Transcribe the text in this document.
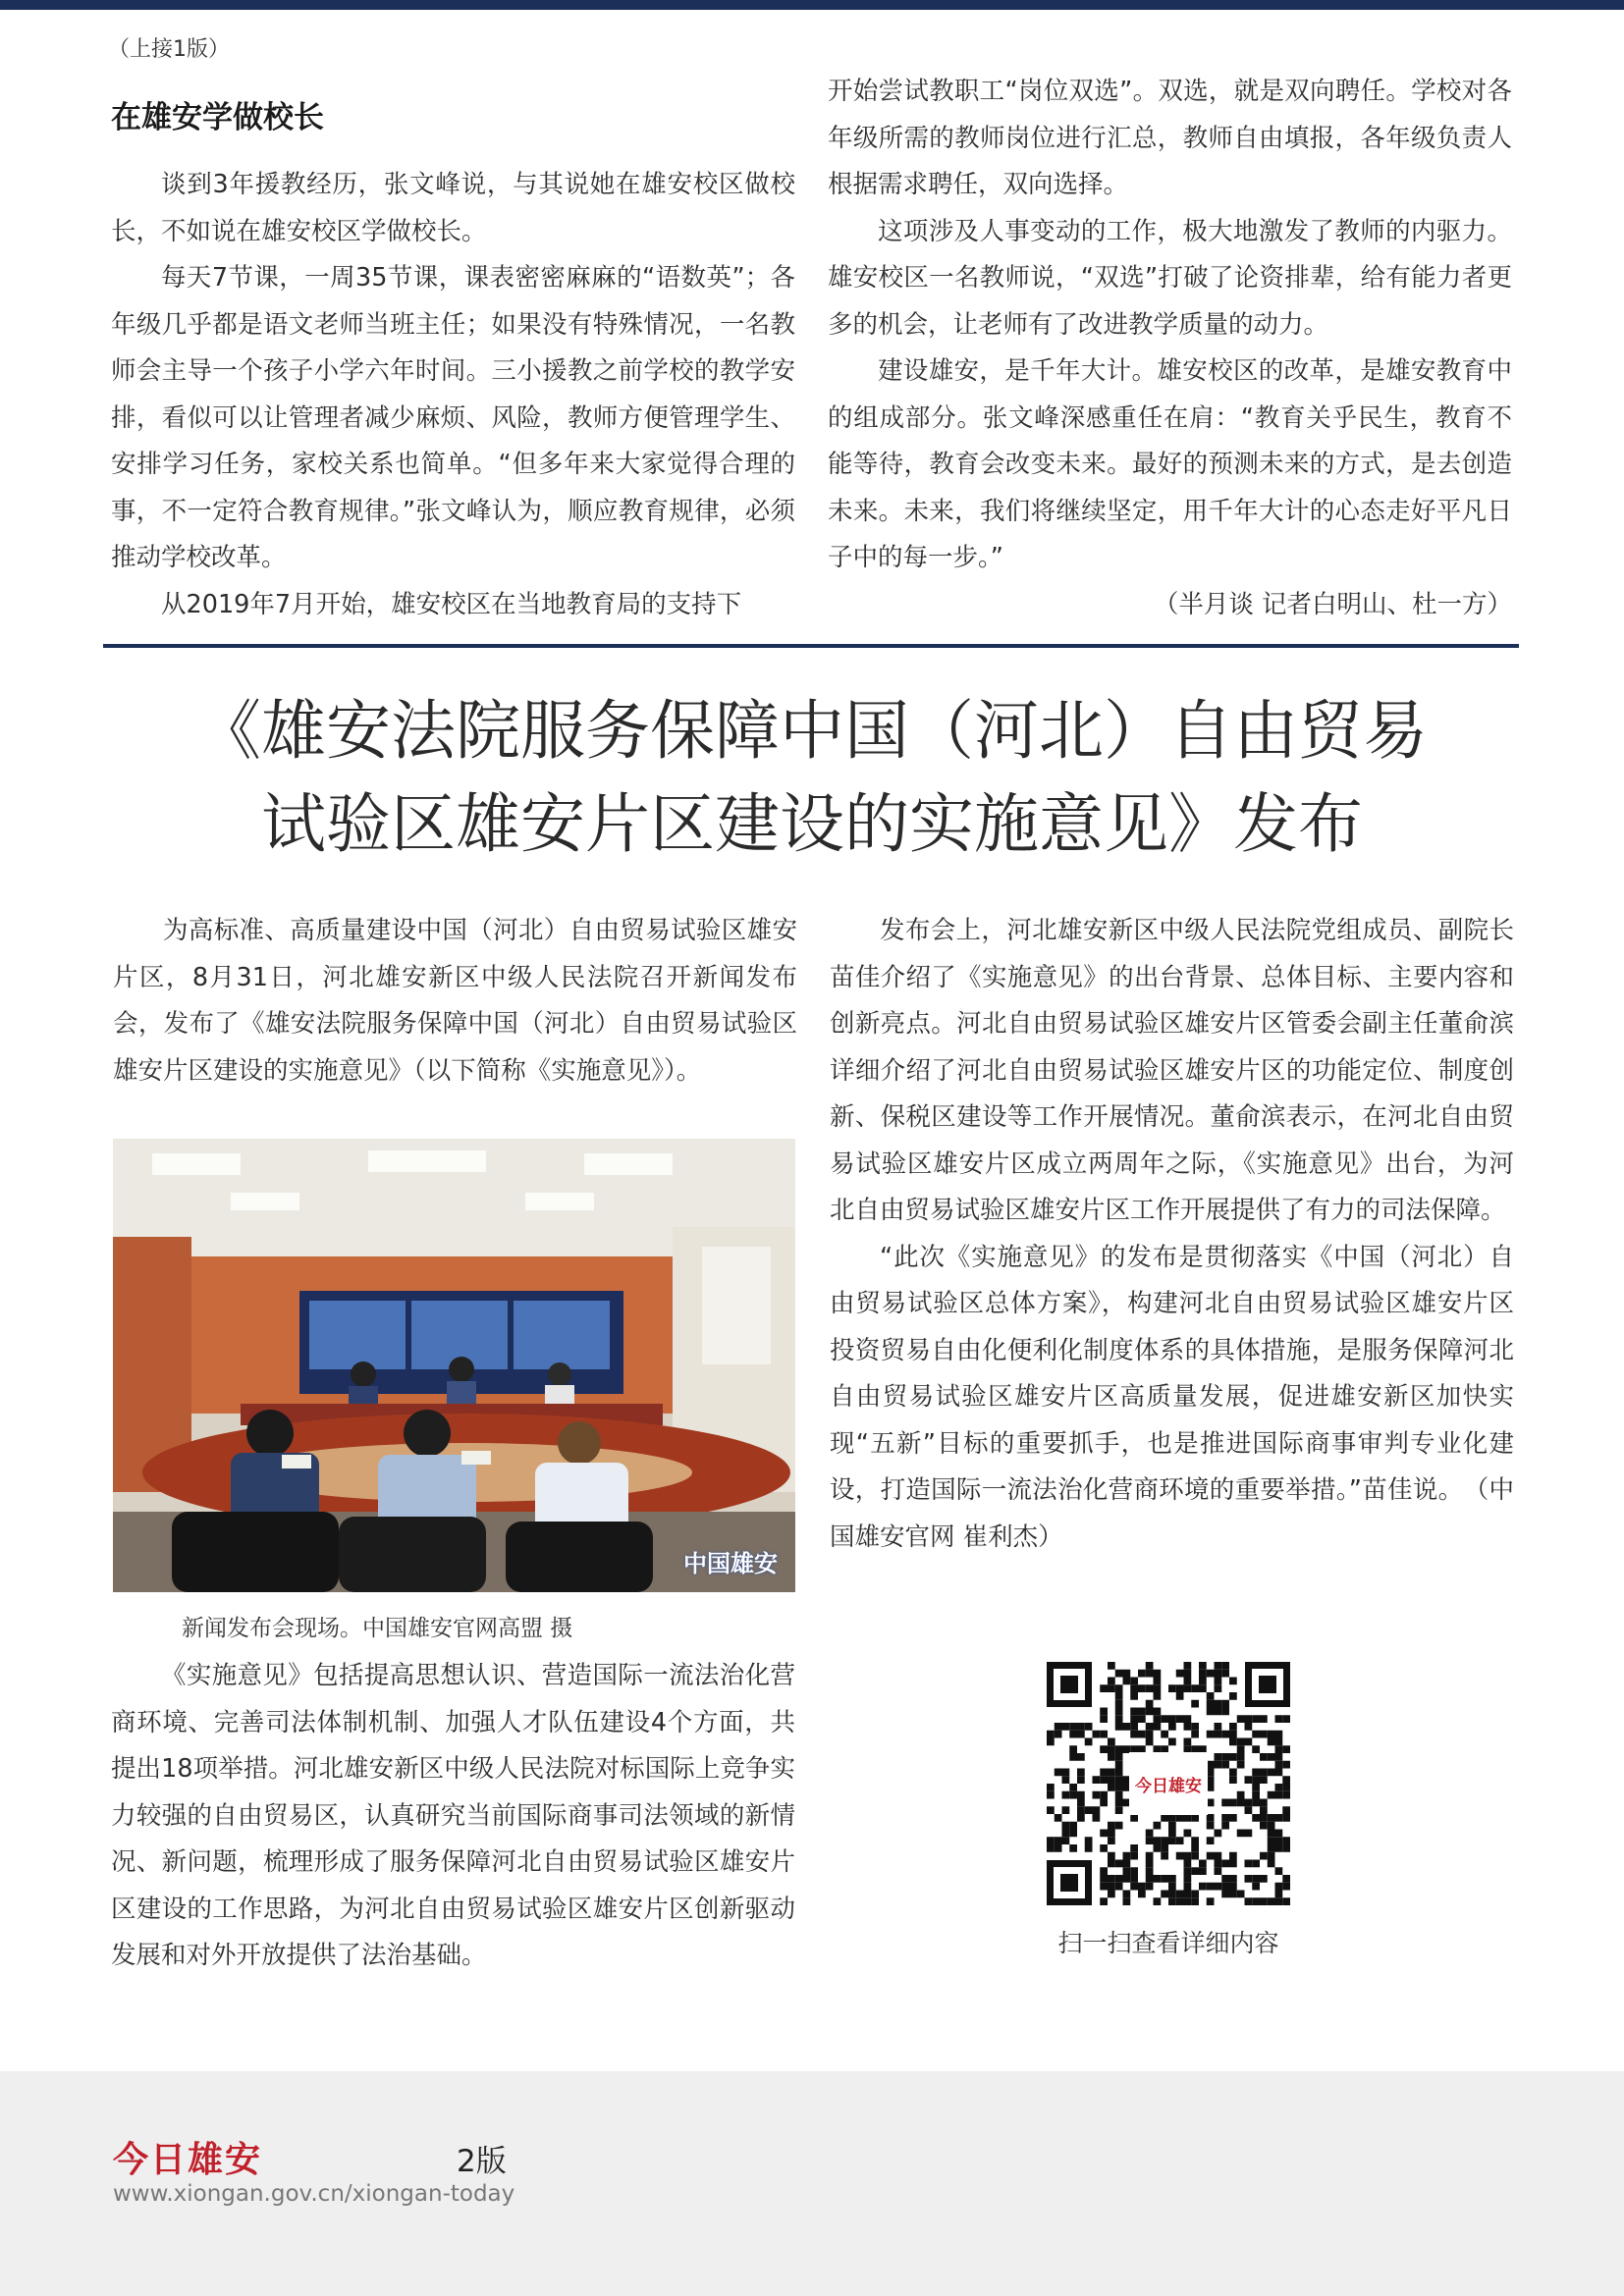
（上接1版）
在雄安学做校长

谈到3年援教经历，张文峰说，与其说她在雄安校区做校长，不如说在雄安校区学做校长。

每天7节课，一周35节课，课表密密麻麻的“语数英”；各年级几乎都是语文老师当班主任；如果没有特殊情况，一名教师会主导一个孩子小学六年时间。三小援教之前学校的教学安排，看似可以让管理者减少麻烦、风险，教师方便管理学生、安排学习任务，家校关系也简单。“但多年来大家觉得合理的事，不一定符合教育规律。”张文峰认为，顺应教育规律，必须推动学校改革。

从2019年7月开始，雄安校区在当地教育局的支持下

开始尝试教职工“岗位双选”。双选，就是双向聘任。学校对各年级所需的教师岗位进行汇总，教师自由填报，各年级负责人根据需求聘任，双向选择。

这项涉及人事变动的工作，极大地激发了教师的内驱力。雄安校区一名教师说，“双选”打破了论资排辈，给有能力者更多的机会，让老师有了改进教学质量的动力。

建设雄安，是千年大计。雄安校区的改革，是雄安教育中的组成部分。张文峰深感重任在肩：“教育关乎民生，教育不能等待，教育会改变未来。最好的预测未来的方式，是去创造未来。未来，我们将继续坚定，用千年大计的心态走好平凡日子中的每一步。”

（半月谈 记者白明山、杜一方）
《雄安法院服务保障中国（河北）自由贸易
试验区雄安片区建设的实施意见》发布

为高标准、高质量建设中国（河北）自由贸易试验区雄安片区，8月31日，河北雄安新区中级人民法院召开新闻发布会，发布了《雄安法院服务保障中国（河北）自由贸易试验区雄安片区建设的实施意见》（以下简称《实施意见》）。

中国雄安
新闻发布会现场。中国雄安官网高盟 摄

《实施意见》包括提高思想认识、营造国际一流法治化营商环境、完善司法体制机制、加强人才队伍建设4个方面，共提出18项举措。河北雄安新区中级人民法院对标国际上竞争实力较强的自由贸易区，认真研究当前国际商事司法领域的新情况、新问题，梳理形成了服务保障河北自由贸易试验区雄安片区建设的工作思路，为河北自由贸易试验区雄安片区创新驱动发展和对外开放提供了法治基础。

发布会上，河北雄安新区中级人民法院党组成员、副院长苗佳介绍了《实施意见》的出台背景、总体目标、主要内容和创新亮点。河北自由贸易试验区雄安片区管委会副主任董俞滨详细介绍了河北自由贸易试验区雄安片区的功能定位、制度创新、保税区建设等工作开展情况。董俞滨表示，在河北自由贸易试验区雄安片区成立两周年之际，《实施意见》出台，为河北自由贸易试验区雄安片区工作开展提供了有力的司法保障。

“此次《实施意见》的发布是贯彻落实《中国（河北）自由贸易试验区总体方案》，构建河北自由贸易试验区雄安片区投资贸易自由化便利化制度体系的具体措施，是服务保障河北自由贸易试验区雄安片区高质量发展，促进雄安新区加快实现“五新”目标的重要抓手，也是推进国际商事审判专业化建设，打造国际一流法治化营商环境的重要举措。”苗佳说。　（中国雄安官网 崔利杰）

今日雄安
扫一扫查看详细内容
今日雄安	2版
www.xiongan.gov.cn/xiongan-today
